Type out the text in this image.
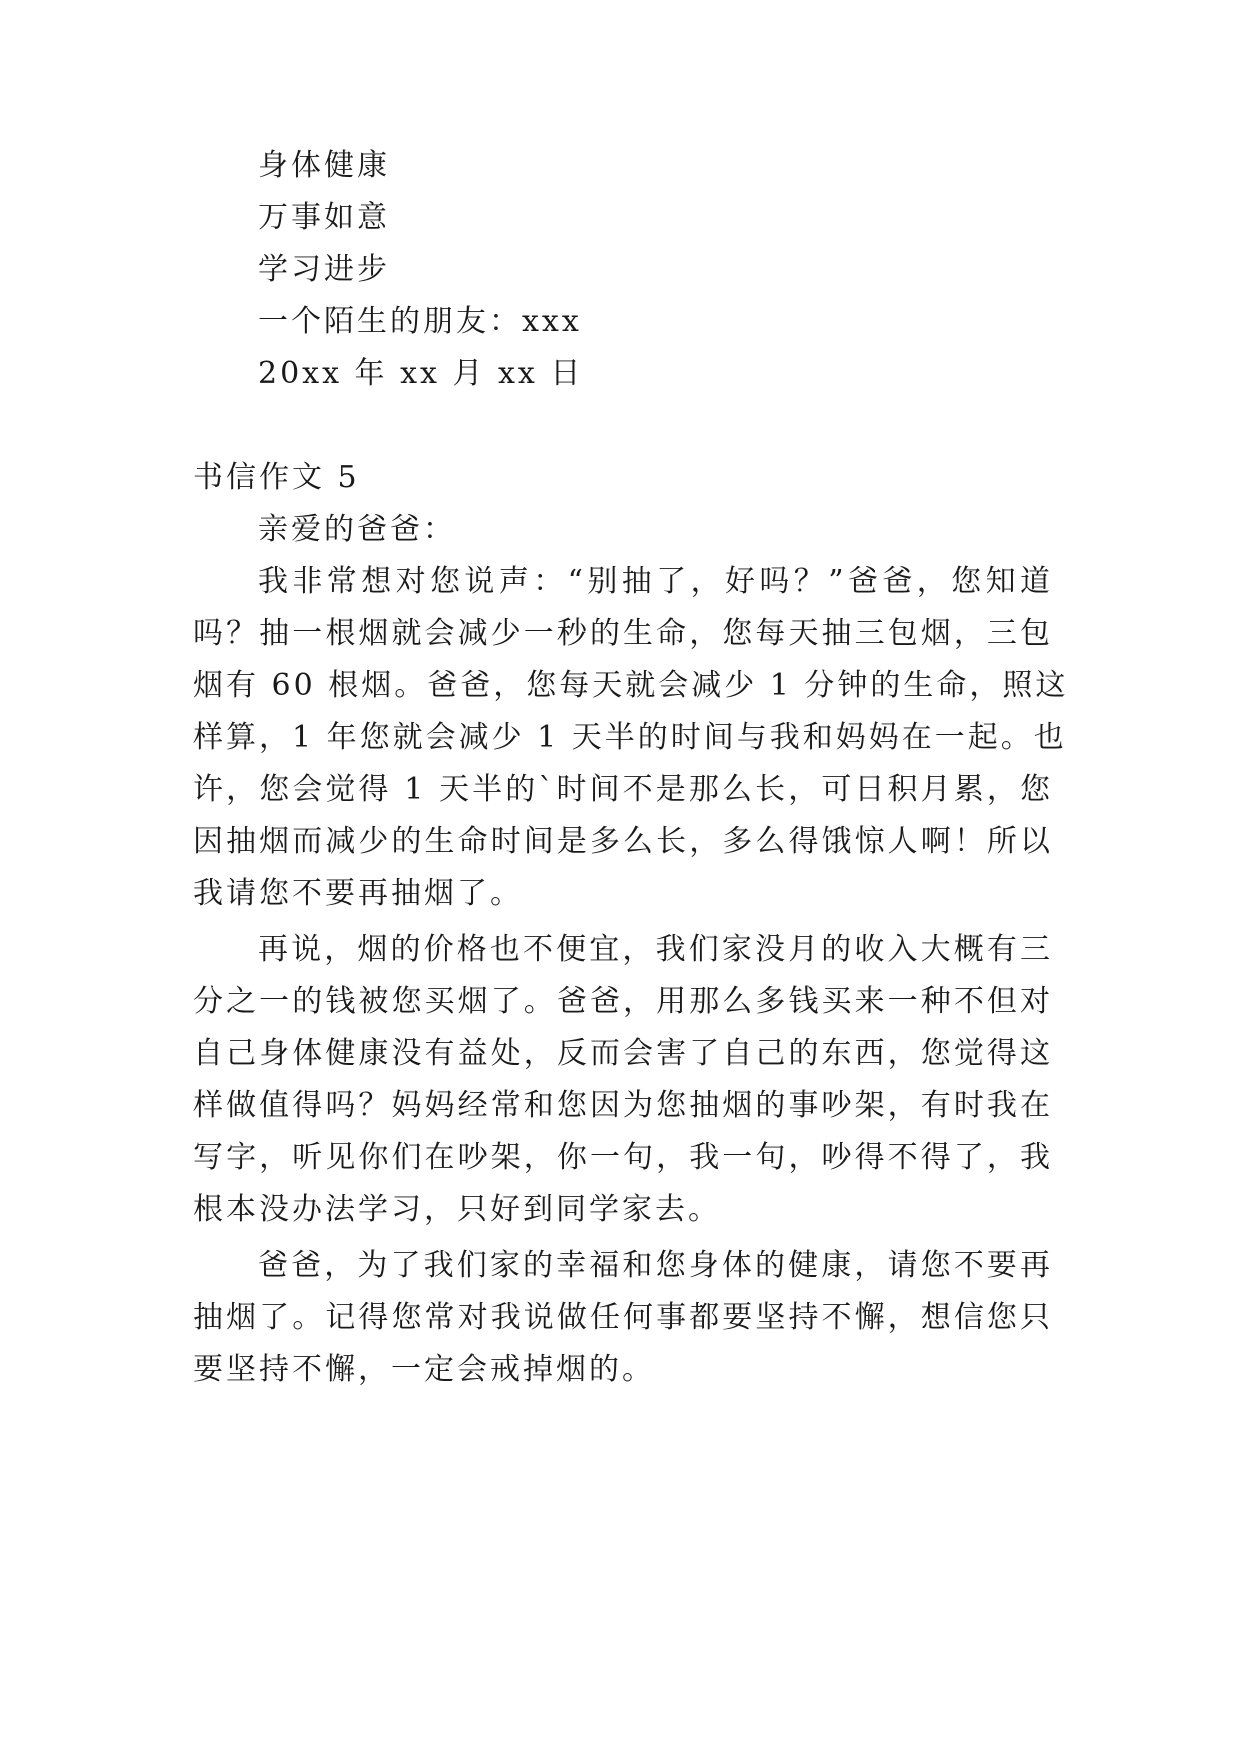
身体健康
万事如意
学习进步
一个陌生的朋友：xxx
20xx 年 xx 月 xx 日
书信作文 5
亲爱的爸爸：
我非常想对您说声：“别抽了，好吗？”爸爸，您知道
吗？抽一根烟就会减少一秒的生命，您每天抽三包烟，三包
烟有 60 根烟。爸爸，您每天就会减少 1 分钟的生命，照这
样算，1 年您就会减少 1 天半的时间与我和妈妈在一起。也
许，您会觉得 1 天半的`时间不是那么长，可日积月累，您
因抽烟而减少的生命时间是多么长，多么得饿惊人啊！所以
我请您不要再抽烟了。
再说，烟的价格也不便宜，我们家没月的收入大概有三
分之一的钱被您买烟了。爸爸，用那么多钱买来一种不但对
自己身体健康没有益处，反而会害了自己的东西，您觉得这
样做值得吗？妈妈经常和您因为您抽烟的事吵架，有时我在
写字，听见你们在吵架，你一句，我一句，吵得不得了，我
根本没办法学习，只好到同学家去。
爸爸，为了我们家的幸福和您身体的健康，请您不要再
抽烟了。记得您常对我说做任何事都要坚持不懈，想信您只
要坚持不懈，一定会戒掉烟的。
